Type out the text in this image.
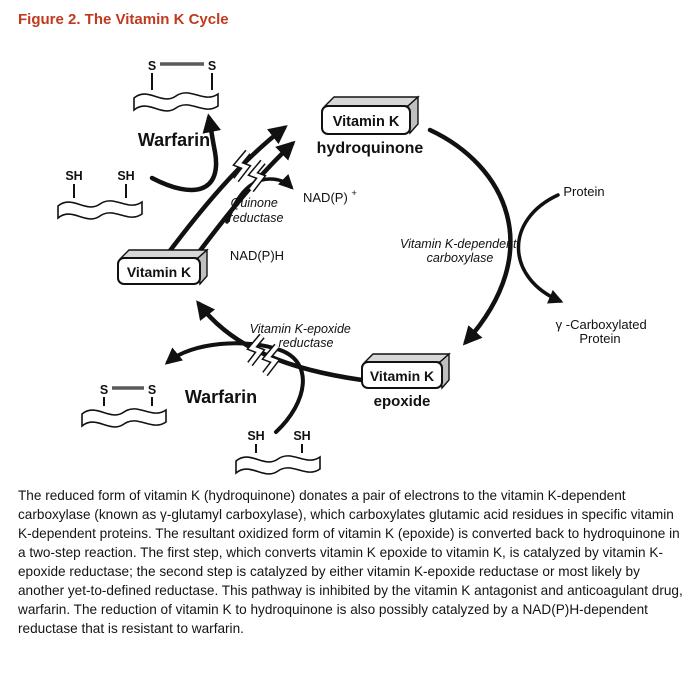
Figure 2. The Vitamin K Cycle
S	S
SH	SH
S	S
SH SH
Vitamin K
hydroquinone
Vitamin K
Vitamin K
epoxide
Warfarin
Warfarin
Quinone reductase
NAD(P) +
NAD(P)H
Protein
Vitamin K-dependent carboxylase
γ -Carboxylated Protein
Vitamin K-epoxide reductase

The reduced form of vitamin K (hydroquinone) donates a pair of electrons to the vitamin K-dependent carboxylase (known as γ-glutamyl carboxylase), which carboxylates glutamic acid residues in specific vitamin K-dependent proteins. The resultant oxidized form of vitamin K (epoxide) is converted back to hydroquinone in a two-step reaction. The first step, which converts vitamin K epoxide to vitamin K, is catalyzed by vitamin K-epoxide reductase; the second step is catalyzed by either vitamin K-epoxide reductase or most likely by another yet-to-defined reductase. This pathway is inhibited by the vitamin K antagonist and anticoagulant drug, warfarin. The reduction of vitamin K to hydroquinone is also possibly catalyzed by a NAD(P)H-dependent reductase that is resistant to warfarin.
